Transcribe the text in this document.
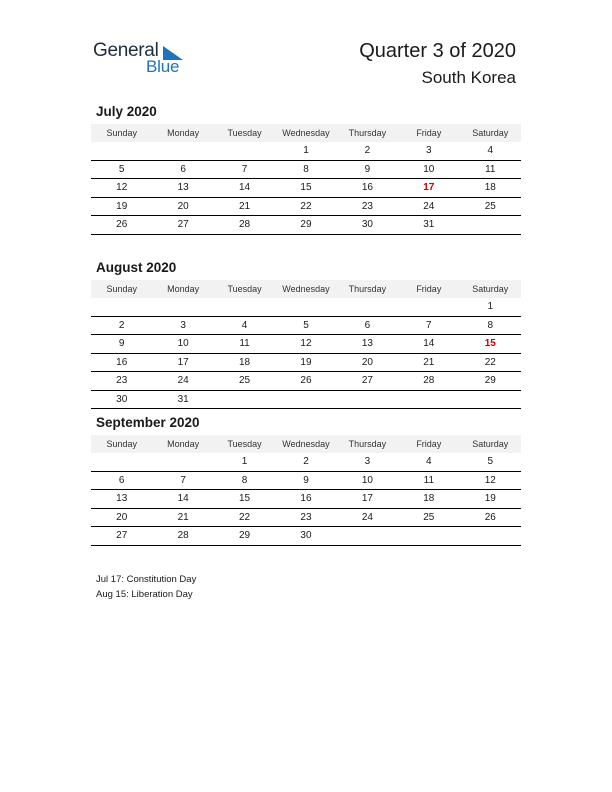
General
Blue
Quarter 3 of 2020
South Korea
July 2020
Sunday	Monday	Tuesday	Wednesday	Thursday	Friday	Saturday
			1	2	3	4
5	6	7	8	9	10	11
12	13	14	15	16	17	18
19	20	21	22	23	24	25
26	27	28	29	30	31	
August 2020
Sunday	Monday	Tuesday	Wednesday	Thursday	Friday	Saturday
						1
2	3	4	5	6	7	8
9	10	11	12	13	14	15
16	17	18	19	20	21	22
23	24	25	26	27	28	29
30	31					
September 2020
Sunday	Monday	Tuesday	Wednesday	Thursday	Friday	Saturday
		1	2	3	4	5
6	7	8	9	10	11	12
13	14	15	16	17	18	19
20	21	22	23	24	25	26
27	28	29	30			
Jul 17: Constitution Day
Aug 15: Liberation Day
